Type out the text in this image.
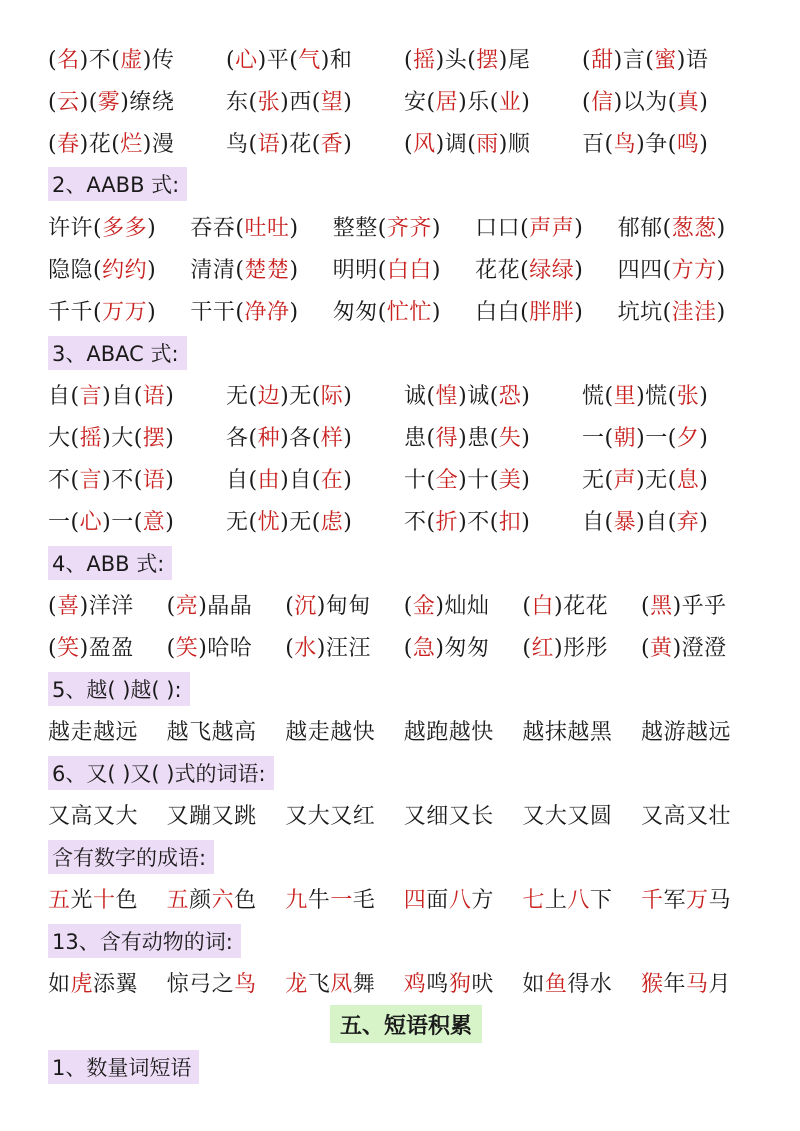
(名)不(虚)传	(心)平(气)和	(摇)头(摆)尾	(甜)言(蜜)语
(云)(雾)缭绕	东(张)西(望)	安(居)乐(业)	(信)以为(真)
(春)花(烂)漫	鸟(语)花(香)	(风)调(雨)顺	百(鸟)争(鸣)
2、AABB 式:
许许(多多)	吞吞(吐吐)	整整(齐齐)	口口(声声)	郁郁(葱葱)
隐隐(约约)	清清(楚楚)	明明(白白)	花花(绿绿)	四四(方方)
千千(万万)	干干(净净)	匆匆(忙忙)	白白(胖胖)	坑坑(洼洼)
3、ABAC 式:
自(言)自(语)	无(边)无(际)	诚(惶)诚(恐)	慌(里)慌(张)
大(摇)大(摆)	各(种)各(样)	患(得)患(失)	一(朝)一(夕)
不(言)不(语)	自(由)自(在)	十(全)十(美)	无(声)无(息)
一(心)一(意)	无(忧)无(虑)	不(折)不(扣)	自(暴)自(弃)
4、ABB 式:
(喜)洋洋	(亮)晶晶	(沉)甸甸	(金)灿灿	(白)花花	(黑)乎乎
(笑)盈盈	(笑)哈哈	(水)汪汪	(急)匆匆	(红)彤彤	(黄)澄澄
5、越( )越( ):
越走越远	越飞越高	越走越快	越跑越快	越抹越黑	越游越远
6、又( )又( )式的词语:
又高又大	又蹦又跳	又大又红	又细又长	又大又圆	又高又壮
含有数字的成语:
五光十色	五颜六色	九牛一毛	四面八方	七上八下	千军万马
13、含有动物的词:
如虎添翼	惊弓之鸟	龙飞凤舞	鸡鸣狗吠	如鱼得水	猴年马月
五、短语积累
1、数量词短语
